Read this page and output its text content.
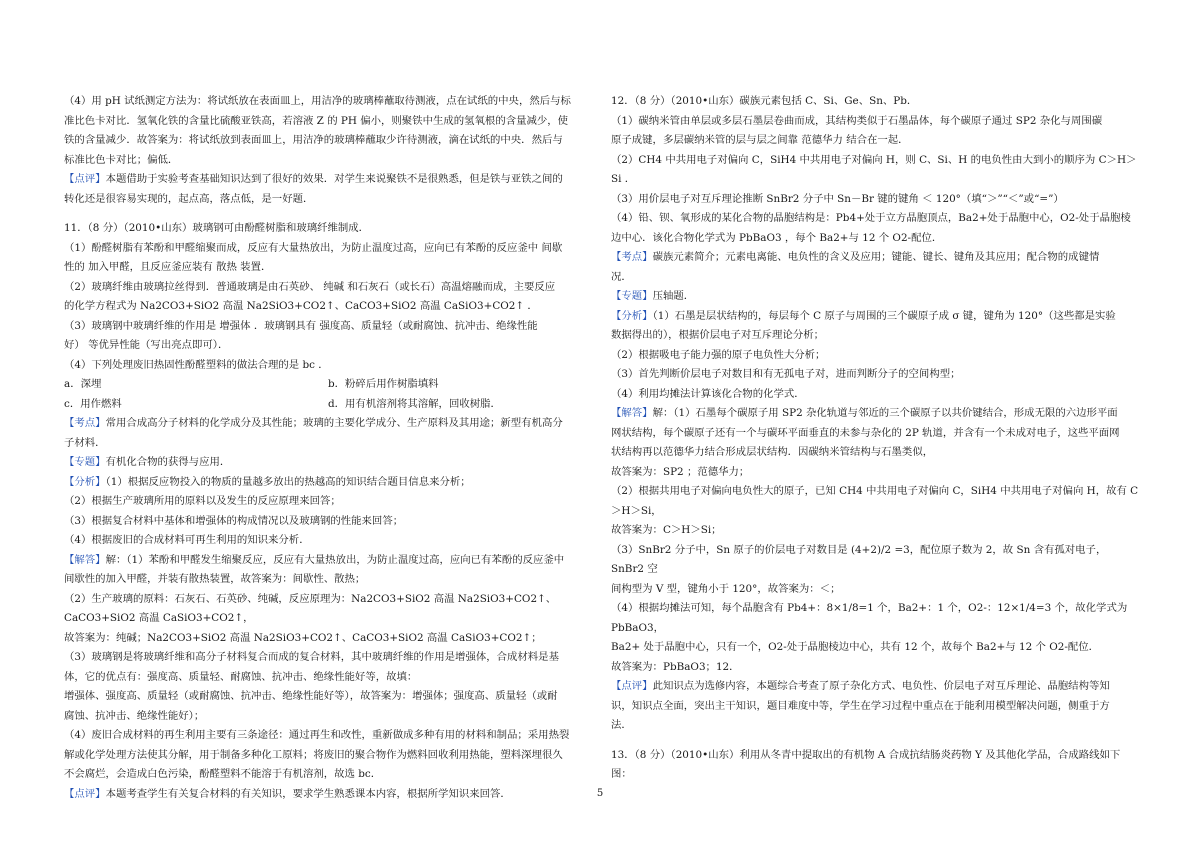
（4）用 pH 试纸测定方法为：将试纸放在表面皿上，用洁净的玻璃棒蘸取待测液，点在试纸的中央，然后与标

准比色卡对比．氢氧化铁的含量比硫酸亚铁高，若溶液 Z 的 PH 偏小，则聚铁中生成的氢氧根的含量减少，使

铁的含量减少．故答案为：将试纸放到表面皿上，用洁净的玻璃棒蘸取少许待测液，滴在试纸的中央．然后与

标准比色卡对比；偏低．

【点评】本题借助于实验考查基础知识达到了很好的效果．对学生来说聚铁不是很熟悉，但是铁与亚铁之间的

转化还是很容易实现的，起点高，落点低，是一好题．

11．（8 分）（2010•山东）玻璃钢可由酚醛树脂和玻璃纤维制成．

（1）酚醛树脂有苯酚和甲醛缩聚而成，反应有大量热放出，为防止温度过高，应向已有苯酚的反应釜中 间歇

性的 加入甲醛，且反应釜应装有 散热 装置．

（2）玻璃纤维由玻璃拉丝得到．普通玻璃是由石英砂、 纯碱 和石灰石（或长石）高温熔融而成，主要反应

的化学方程式为 Na2CO3+SiO2 高温 Na2SiO3+CO2↑、CaCO3+SiO2 高温 CaSiO3+CO2↑ ．

（3）玻璃钢中玻璃纤维的作用是 增强体 ．玻璃钢具有 强度高、质量轻（或耐腐蚀、抗冲击、绝缘性能

好） 等优异性能（写出亮点即可）．

（4）下列处理废旧热固性酚醛塑料的做法合理的是 bc ．

a．深埋	b．粉碎后用作树脂填料
c．用作燃料	d．用有机溶剂将其溶解，回收树脂．

【考点】常用合成高分子材料的化学成分及其性能；玻璃的主要化学成分、生产原料及其用途；新型有机高分

子材料．

【专题】有机化合物的获得与应用．

【分析】（1）根据反应物投入的物质的量越多放出的热越高的知识结合题目信息来分析；

（2）根据生产玻璃所用的原料以及发生的反应原理来回答；

（3）根据复合材料中基体和增强体的构成情况以及玻璃钢的性能来回答；

（4）根据废旧的合成材料可再生利用的知识来分析．

【解答】解：（1）苯酚和甲醛发生缩聚反应，反应有大量热放出，为防止温度过高，应向已有苯酚的反应釜中

间歇性的加入甲醛，并装有散热装置，故答案为：间歇性、散热；

（2）生产玻璃的原料：石灰石、石英砂、纯碱，反应原理为：Na2CO3+SiO2 高温 Na2SiO3+CO2↑、

CaCO3+SiO2 高温 CaSiO3+CO2↑，

故答案为：纯碱；Na2CO3+SiO2 高温 Na2SiO3+CO2↑、CaCO3+SiO2 高温 CaSiO3+CO2↑；

（3）玻璃钢是将玻璃纤维和高分子材料复合而成的复合材料，其中玻璃纤维的作用是增强体，合成材料是基

体，它的优点有：强度高、质量轻、耐腐蚀、抗冲击、绝缘性能好等，故填：

增强体、强度高、质量轻（或耐腐蚀、抗冲击、绝缘性能好等），故答案为：增强体；强度高、质量轻（或耐

腐蚀、抗冲击、绝缘性能好）；

（4）废旧合成材料的再生利用主要有三条途径：通过再生和改性，重新做成多种有用的材料和制品；采用热裂

解或化学处理方法使其分解，用于制备多种化工原料；将废旧的聚合物作为燃料回收利用热能，塑料深埋很久

不会腐烂，会造成白色污染，酚醛塑料不能溶于有机溶剂，故选 bc．

【点评】本题考查学生有关复合材料的有关知识，要求学生熟悉课本内容，根据所学知识来回答．

12．（8 分）（2010•山东）碳族元素包括 C、Si、Ge、Sn、Pb．

（1）碳纳米管由单层或多层石墨层卷曲而成，其结构类似于石墨晶体，每个碳原子通过 SP2 杂化与周围碳

原子成键，多层碳纳米管的层与层之间靠 范德华力 结合在一起．

（2）CH4 中共用电子对偏向 C，SiH4 中共用电子对偏向 H，则 C、Si、H 的电负性由大到小的顺序为 C＞H＞

Si ．

（3）用价层电子对互斥理论推断 SnBr2 分子中 Sn－Br 键的键角 ＜ 120°（填“＞”“＜”或“=”）

（4）铅、钡、氧形成的某化合物的晶胞结构是：Pb4+处于立方晶胞顶点，Ba2+处于晶胞中心，O2-处于晶胞棱

边中心．该化合物化学式为 PbBaO3 ，每个 Ba2+与 12 个 O2-配位．

【考点】碳族元素简介；元素电离能、电负性的含义及应用；键能、键长、键角及其应用；配合物的成键情

况．

【专题】压轴题．

【分析】（1）石墨是层状结构的，每层每个 C 原子与周围的三个碳原子成 σ 键，键角为 120°（这些都是实验

数据得出的），根据价层电子对互斥理论分析；

（2）根据吸电子能力强的原子电负性大分析；

（3）首先判断价层电子对数目和有无孤电子对，进而判断分子的空间构型；

（4）利用均摊法计算该化合物的化学式．

【解答】解：（1）石墨每个碳原子用 SP2 杂化轨道与邻近的三个碳原子以共价键结合，形成无限的六边形平面

网状结构，每个碳原子还有一个与碳环平面垂直的未参与杂化的 2P 轨道，并含有一个未成对电子，这些平面网

状结构再以范德华力结合形成层状结构．因碳纳米管结构与石墨类似，

故答案为：SP2 ；范德华力；

（2）根据共用电子对偏向电负性大的原子，已知 CH4 中共用电子对偏向 C，SiH4 中共用电子对偏向 H，故有 C

＞H＞Si，

故答案为：C＞H＞Si；

（3）SnBr2 分子中，Sn 原子的价层电子对数目是 (4+2)/2 =3，配位原子数为 2，故 Sn 含有孤对电子，SnBr2 空

间构型为 V 型，键角小于 120°，故答案为：＜；

（4）根据均摊法可知，每个晶胞含有 Pb4+：8×1/8=1 个，Ba2+：1 个，O2-：12×1/4=3 个，故化学式为 PbBaO3，

Ba2+ 处于晶胞中心，只有一个，O2-处于晶胞棱边中心，共有 12 个，故每个 Ba2+与 12 个 O2-配位．

故答案为：PbBaO3；12．

【点评】此知识点为选修内容，本题综合考查了原子杂化方式、电负性、价层电子对互斥理论、晶胞结构等知

识，知识点全面，突出主干知识，题目难度中等，学生在学习过程中重点在于能利用模型解决问题，侧重于方

法．

13．（8 分）（2010•山东）利用从冬青中提取出的有机物 A 合成抗结肠炎药物 Y 及其他化学品，合成路线如下

图：

5
